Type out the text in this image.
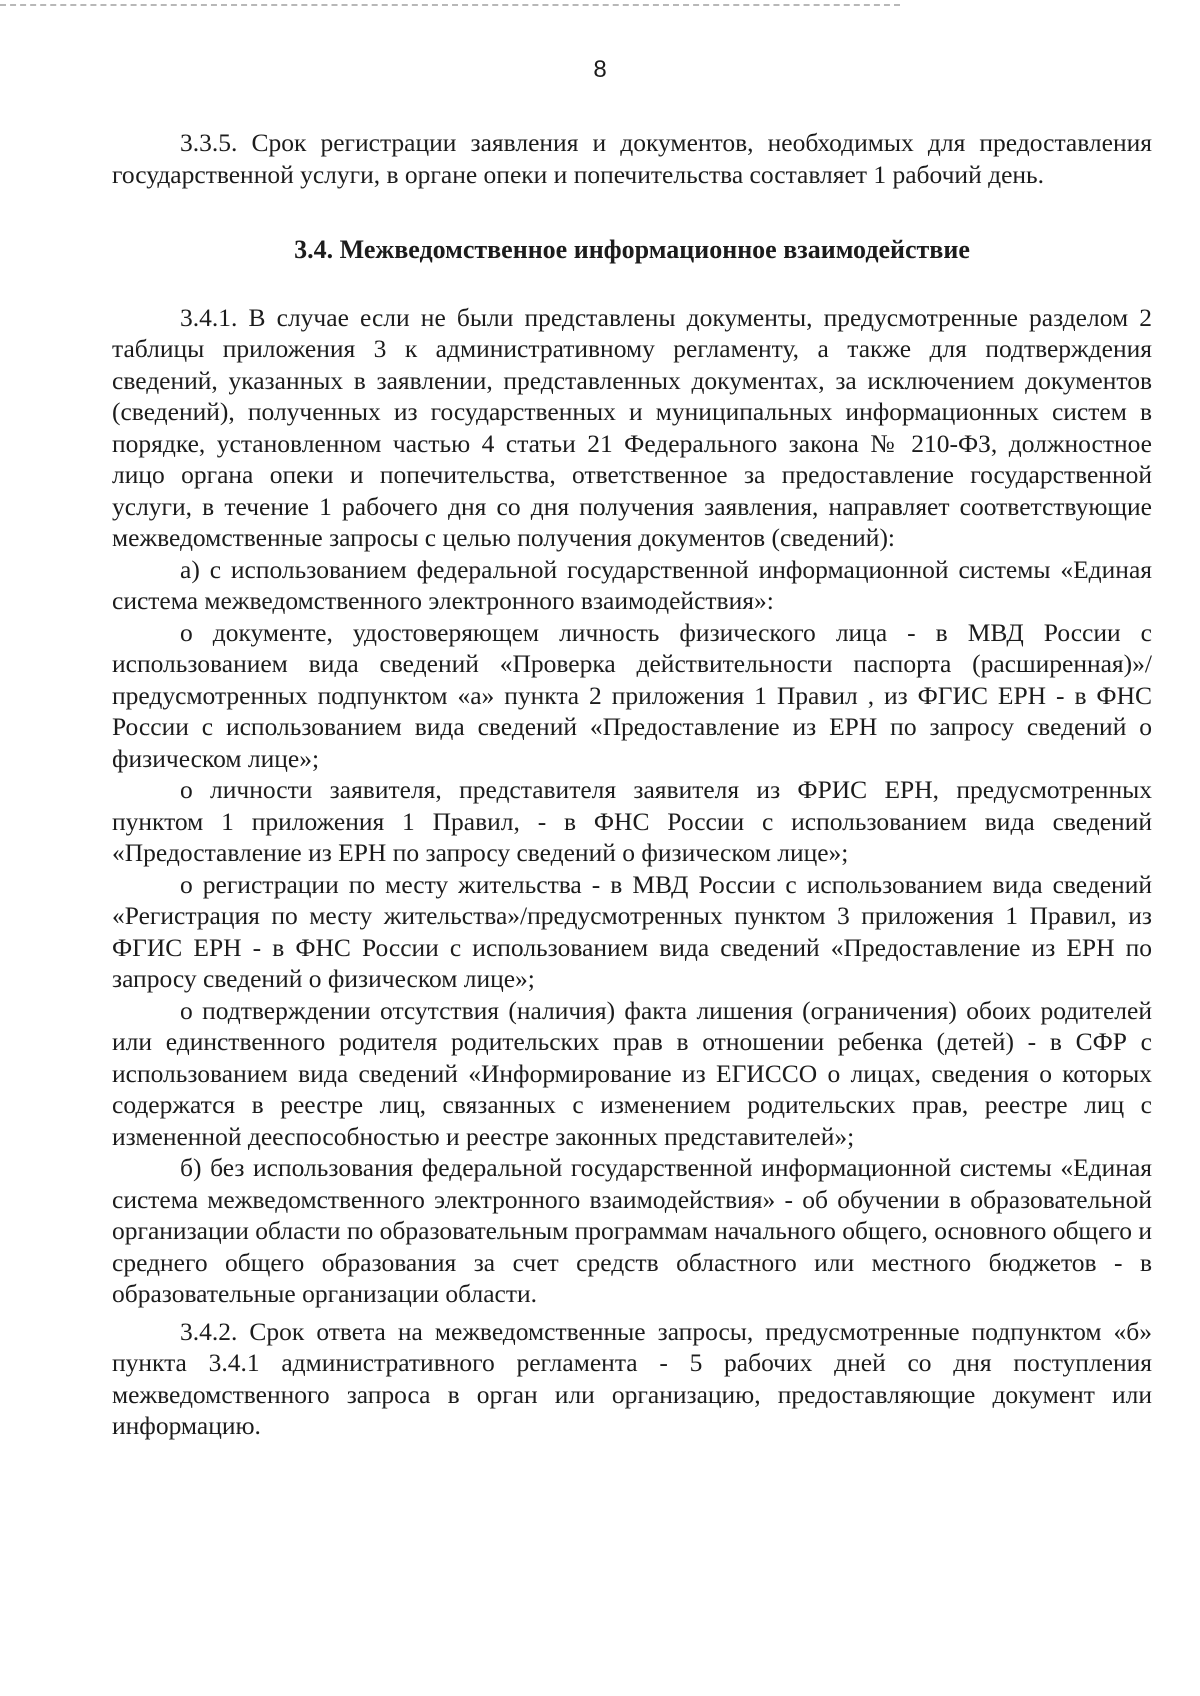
8

3.3.5. Срок регистрации заявления и документов, необходимых для предоставления государственной услуги, в органе опеки и попечительства составляет 1 рабочий день.

3.4. Межведомственное информационное взаимодействие

3.4.1. В случае если не были представлены документы, предусмотренные разделом 2 таблицы приложения 3 к административному регламенту, а также для подтверждения сведений, указанных в заявлении, представленных документах, за исключением документов (сведений), полученных из государственных и муниципальных информационных систем в порядке, установленном частью 4 статьи 21 Федерального закона № 210-ФЗ, должностное лицо органа опеки и попечительства, ответственное за предоставление государственной услуги, в течение 1 рабочего дня со дня получения заявления, направляет соответствующие межведомственные запросы с целью получения документов (сведений):

а) с использованием федеральной государственной информационной системы «Единая система межведомственного электронного взаимодействия»:

о документе, удостоверяющем личность физического лица - в МВД России с использованием вида сведений «Проверка действительности паспорта (расширенная)»/предусмотренных подпунктом «а» пункта 2 приложения 1 Правил , из ФГИС ЕРН - в ФНС России с использованием вида сведений «Предоставление из ЕРН по запросу сведений о физическом лице»;

о личности заявителя, представителя заявителя из ФРИС ЕРН, предусмотренных пунктом 1 приложения 1 Правил, - в ФНС России с использованием вида сведений «Предоставление из ЕРН по запросу сведений о физическом лице»;

о регистрации по месту жительства - в МВД России с использованием вида сведений «Регистрация по месту жительства»/предусмотренных пунктом 3 приложения 1 Правил, из ФГИС ЕРН - в ФНС России с использованием вида сведений «Предоставление из ЕРН по запросу сведений о физическом лице»;

о подтверждении отсутствия (наличия) факта лишения (ограничения) обоих родителей или единственного родителя родительских прав в отношении ребенка (детей) - в СФР с использованием вида сведений «Информирование из ЕГИССО о лицах, сведения о которых содержатся в реестре лиц, связанных с изменением родительских прав, реестре лиц с измененной дееспособностью и реестре законных представителей»;

б) без использования федеральной государственной информационной системы «Единая система межведомственного электронного взаимодействия» - об обучении в образовательной организации области по образовательным программам начального общего, основного общего и среднего общего образования за счет средств областного или местного бюджетов - в образовательные организации области.

3.4.2. Срок ответа на межведомственные запросы, предусмотренные подпунктом «б» пункта 3.4.1 административного регламента - 5 рабочих дней со дня поступления межведомственного запроса в орган или организацию, предоставляющие документ или информацию.
